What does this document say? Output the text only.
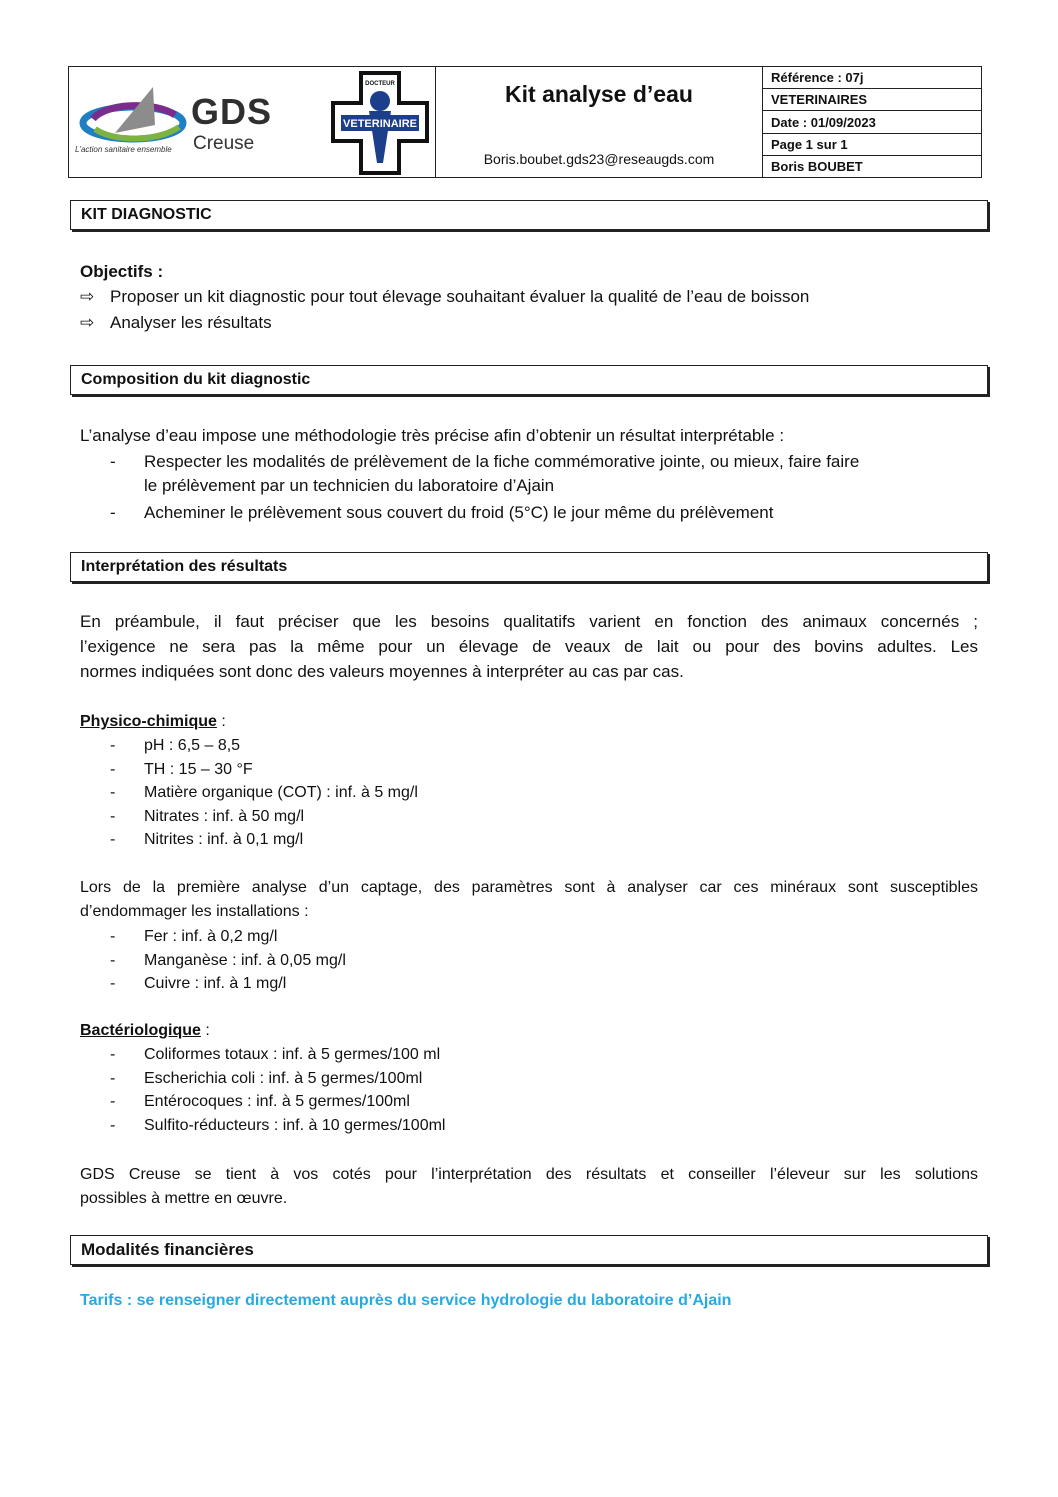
GDS
Creuse
L'action sanitaire ensemble
VETERINAIRE
DOCTEUR	Kit analyse d’eau
Boris.boubet.gds23@reseaugds.com
Référence : 07j
VETERINAIRES
Date : 01/09/2023
Page 1 sur 1
Boris BOUBET
KIT DIAGNOSTIC
Objectifs :
⇨ Proposer un kit diagnostic pour tout élevage souhaitant évaluer la qualité de l’eau de boisson
⇨ Analyser les résultats
Composition du kit diagnostic
L’analyse d’eau impose une méthodologie très précise afin d’obtenir un résultat interprétable :
-	Respecter les modalités de prélèvement de la fiche commémorative jointe, ou mieux, faire faire
le prélèvement par un technicien du laboratoire d’Ajain
-	Acheminer le prélèvement sous couvert du froid (5°C) le jour même du prélèvement
Interprétation des résultats
En préambule, il faut préciser que les besoins qualitatifs varient en fonction des animaux concernés ;
l’exigence ne sera pas la même pour un élevage de veaux de lait ou pour des bovins adultes. Les
normes indiquées sont donc des valeurs moyennes à interpréter au cas par cas.
Physico-chimique :
-	pH : 6,5 – 8,5
-	TH : 15 – 30 °F
-	Matière organique (COT) : inf. à 5 mg/l
-	Nitrates : inf. à 50 mg/l
-	Nitrites : inf. à 0,1 mg/l
Lors de la première analyse d’un captage, des paramètres sont à analyser car ces minéraux sont susceptibles
d’endommager les installations :
-	Fer : inf. à 0,2 mg/l
-	Manganèse : inf. à 0,05 mg/l
-	Cuivre : inf. à 1 mg/l
Bactériologique :
-	Coliformes totaux : inf. à 5 germes/100 ml
-	Escherichia coli : inf. à 5 germes/100ml
-	Entérocoques : inf. à 5 germes/100ml
-	Sulfito-réducteurs : inf. à 10 germes/100ml
GDS Creuse se tient à vos cotés pour l’interprétation des résultats et conseiller l’éleveur sur les solutions
possibles à mettre en œuvre.
Modalités financières
Tarifs : se renseigner directement auprès du service hydrologie du laboratoire d’Ajain
